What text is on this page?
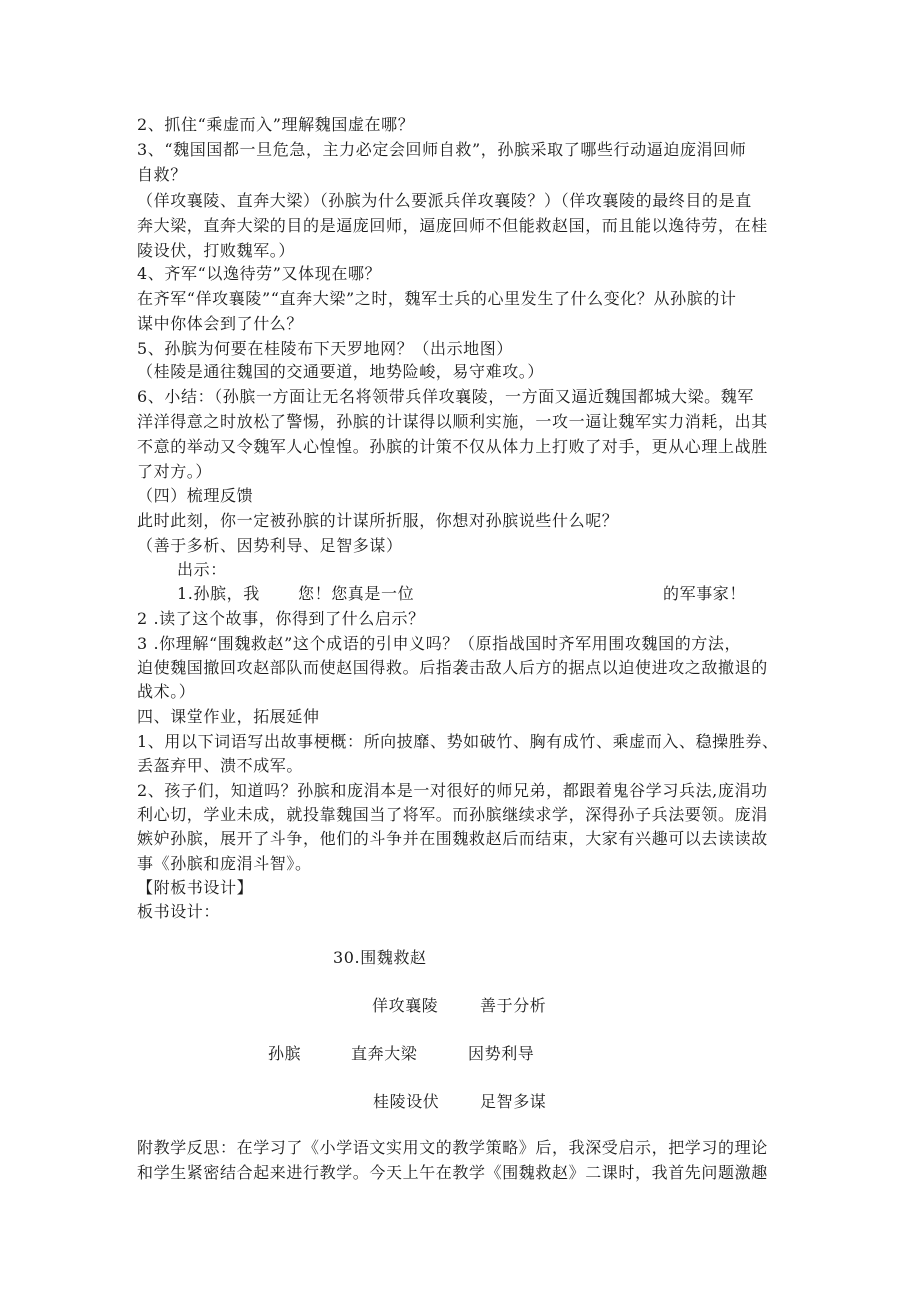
2、抓住“乘虚而入”理解魏国虚在哪？
3、“魏国国都一旦危急，主力必定会回师自救”，孙膑采取了哪些行动逼迫庞涓回师
自救？
（佯攻襄陵、直奔大梁）（孙膑为什么要派兵佯攻襄陵？）（佯攻襄陵的最终目的是直
奔大梁，直奔大梁的目的是逼庞回师，逼庞回师不但能救赵国，而且能以逸待劳，在桂
陵设伏，打败魏军。）
4、齐军“以逸待劳”又体现在哪？
在齐军“佯攻襄陵”“直奔大梁”之时，魏军士兵的心里发生了什么变化？从孙膑的计
谋中你体会到了什么？
5、孙膑为何要在桂陵布下天罗地网？（出示地图）
（桂陵是通往魏国的交通要道，地势险峻，易守难攻。）
6、小结：（孙膑一方面让无名将领带兵佯攻襄陵，一方面又逼近魏国都城大梁。魏军
洋洋得意之时放松了警惕，孙膑的计谋得以顺利实施，一攻一逼让魏军实力消耗，出其
不意的举动又令魏军人心惶惶。孙膑的计策不仅从体力上打败了对手，更从心理上战胜
了对方。）
（四）梳理反馈
此时此刻，你一定被孙膑的计谋所折服，你想对孙膑说些什么呢？
（善于多析、因势利导、足智多谋）
出示：
1.孙膑，我 您！您真是一位	的军事家！
2 .读了这个故事，你得到了什么启示？
3 .你理解“围魏救赵”这个成语的引申义吗？（原指战国时齐军用围攻魏国的方法，
迫使魏国撤回攻赵部队而使赵国得救。后指袭击敌人后方的据点以迫使进攻之敌撤退的
战术。）
四、课堂作业，拓展延伸
1、用以下词语写出故事梗概：所向披靡、势如破竹、胸有成竹、乘虚而入、稳操胜券、
丢盔弃甲、溃不成军。
2、孩子们，知道吗？孙膑和庞涓本是一对很好的师兄弟，都跟着鬼谷学习兵法,庞涓功
利心切，学业未成，就投靠魏国当了将军。而孙膑继续求学，深得孙子兵法要领。庞涓
嫉妒孙膑，展开了斗争，他们的斗争并在围魏救赵后而结束，大家有兴趣可以去读读故
事《孙膑和庞涓斗智》。
【附板书设计】
板书设计：
30.围魏救赵
佯攻襄陵	善于分析
孙膑	直奔大梁	因势利导
桂陵设伏	足智多谋
附教学反思：在学习了《小学语文实用文的教学策略》后，我深受启示，把学习的理论
和学生紧密结合起来进行教学。今天上午在教学《围魏救赵》二课时，我首先问题激趣
